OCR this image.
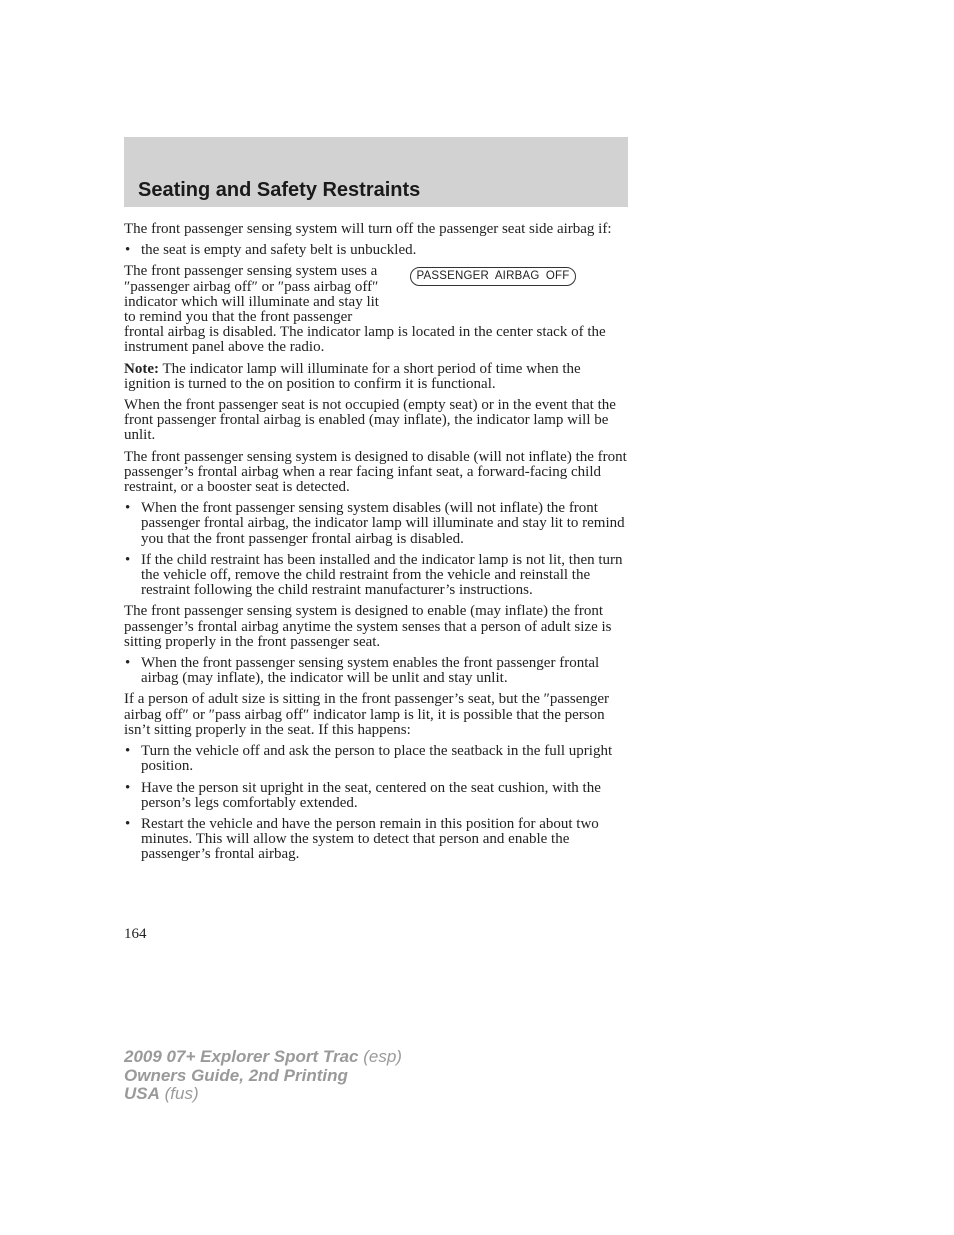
Seating and Safety Restraints

The front passenger sensing system will turn off the passenger seat side airbag if:

• the seat is empty and safety belt is unbuckled.
PASSENGER AIRBAG OFF

The front passenger sensing system uses a ″passenger airbag off″ or ″pass airbag off″ indicator which will illuminate and stay lit to remind you that the front passenger frontal airbag is disabled. The indicator lamp is located in the center stack of the instrument panel above the radio.

Note: The indicator lamp will illuminate for a short period of time when the ignition is turned to the on position to confirm it is functional.

When the front passenger seat is not occupied (empty seat) or in the event that the front passenger frontal airbag is enabled (may inflate), the indicator lamp will be unlit.

The front passenger sensing system is designed to disable (will not inflate) the front passenger’s frontal airbag when a rear facing infant seat, a forward-facing child restraint, or a booster seat is detected.

• When the front passenger sensing system disables (will not inflate) the front passenger frontal airbag, the indicator lamp will illuminate and stay lit to remind you that the front passenger frontal airbag is disabled.
• If the child restraint has been installed and the indicator lamp is not lit, then turn the vehicle off, remove the child restraint from the vehicle and reinstall the restraint following the child restraint manufacturer’s instructions.

The front passenger sensing system is designed to enable (may inflate) the front passenger’s frontal airbag anytime the system senses that a person of adult size is sitting properly in the front passenger seat.

• When the front passenger sensing system enables the front passenger frontal airbag (may inflate), the indicator will be unlit and stay unlit.

If a person of adult size is sitting in the front passenger’s seat, but the ″passenger airbag off″ or ″pass airbag off″ indicator lamp is lit, it is possible that the person isn’t sitting properly in the seat. If this happens:

• Turn the vehicle off and ask the person to place the seatback in the full upright position.
• Have the person sit upright in the seat, centered on the seat cushion, with the person’s legs comfortably extended.
• Restart the vehicle and have the person remain in this position for about two minutes. This will allow the system to detect that person and enable the passenger’s frontal airbag.
164
2009 07+ Explorer Sport Trac (esp)
Owners Guide, 2nd Printing
USA (fus)
